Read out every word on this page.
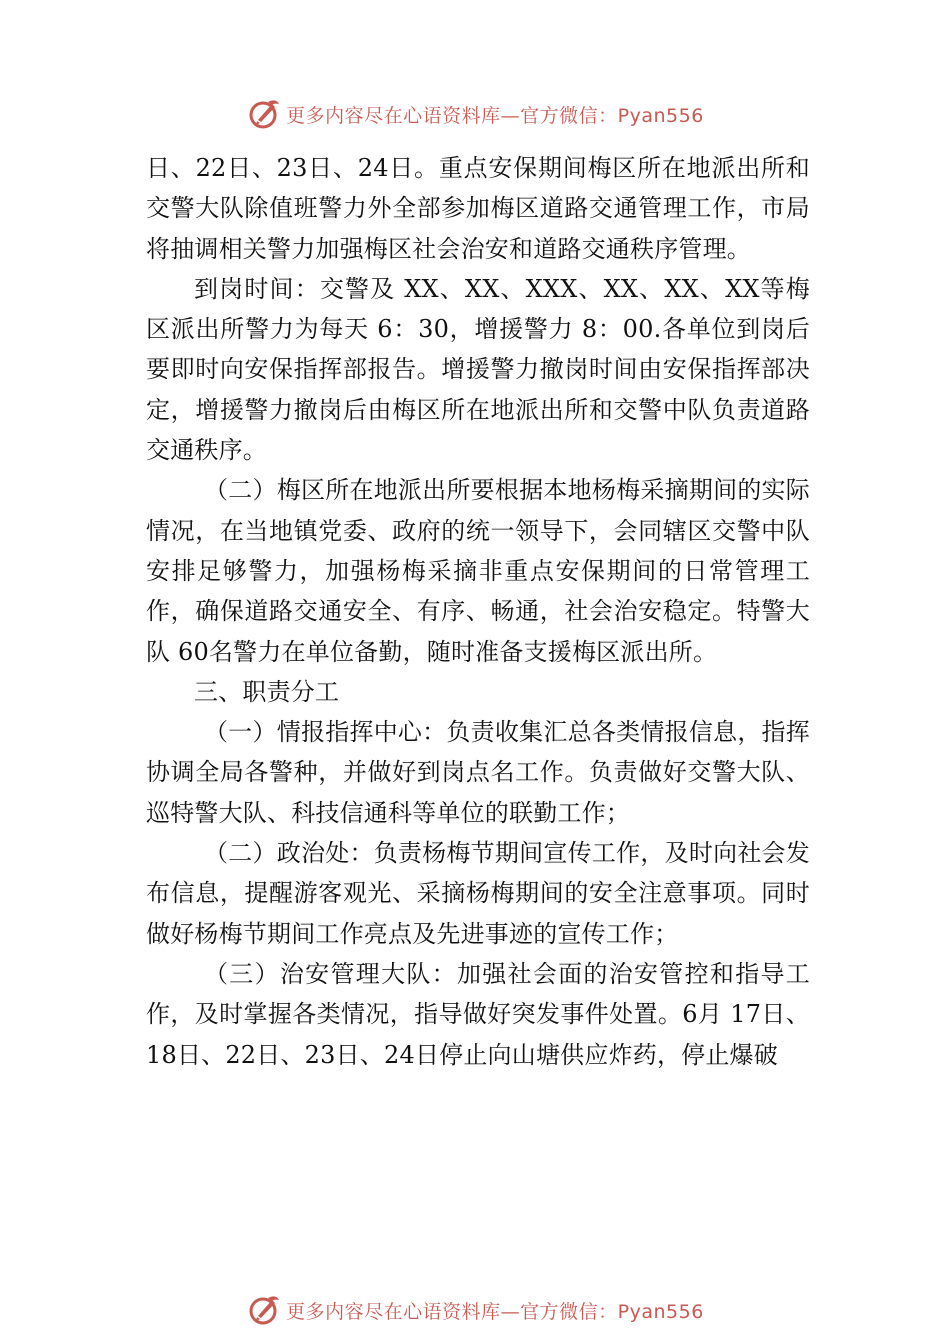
更多内容尽在心语资料库—官方微信：Pyan556

日、22日、23日、24日。重点安保期间梅区所在地派出所和交警大队除值班警力外全部参加梅区道路交通管理工作，市局将抽调相关警力加强梅区社会治安和道路交通秩序管理。

到岗时间：交警及 XX、XX、XXX、XX、XX、XX等梅区派出所警力为每天 6：30，增援警力 8：00.各单位到岗后要即时向安保指挥部报告。增援警力撤岗时间由安保指挥部决定，增援警力撤岗后由梅区所在地派出所和交警中队负责道路交通秩序。

（二）梅区所在地派出所要根据本地杨梅采摘期间的实际情况，在当地镇党委、政府的统一领导下，会同辖区交警中队安排足够警力，加强杨梅采摘非重点安保期间的日常管理工作，确保道路交通安全、有序、畅通，社会治安稳定。特警大队 60名警力在单位备勤，随时准备支援梅区派出所。

三、职责分工

（一）情报指挥中心：负责收集汇总各类情报信息，指挥协调全局各警种，并做好到岗点名工作。负责做好交警大队、巡特警大队、科技信通科等单位的联勤工作；

（二）政治处：负责杨梅节期间宣传工作，及时向社会发布信息，提醒游客观光、采摘杨梅期间的安全注意事项。同时做好杨梅节期间工作亮点及先进事迹的宣传工作；

（三）治安管理大队：加强社会面的治安管控和指导工作，及时掌握各类情况，指导做好突发事件处置。6月 17日、18日、22日、23日、24日停止向山塘供应炸药，停止爆破

更多内容尽在心语资料库—官方微信：Pyan556
